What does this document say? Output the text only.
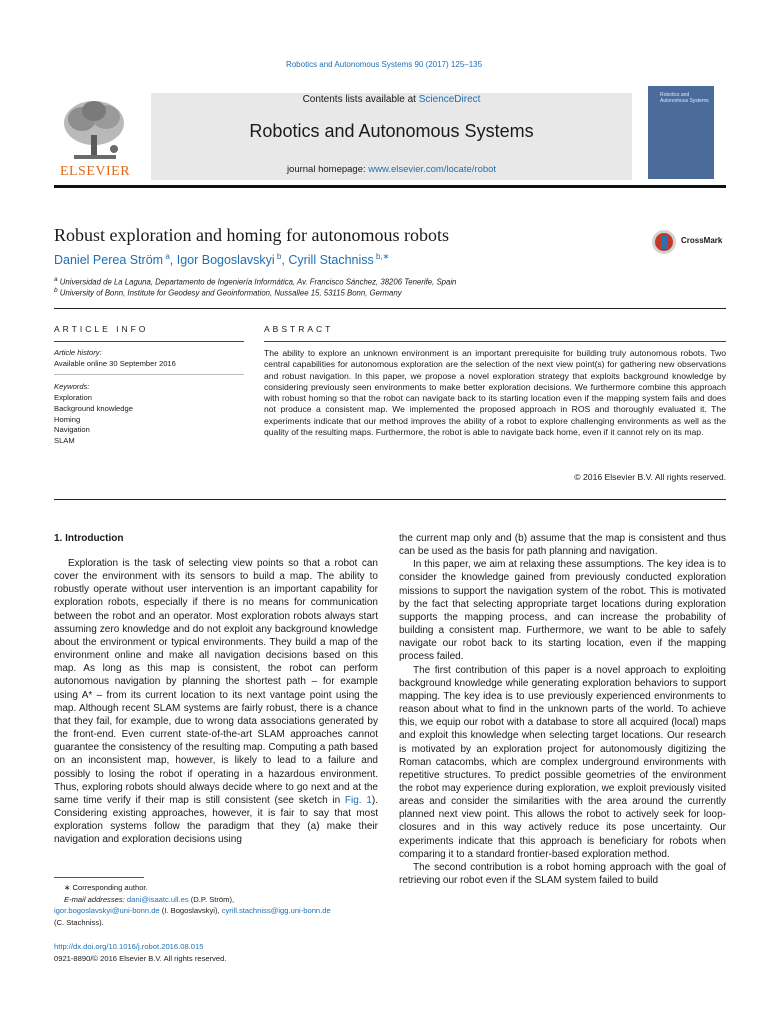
Robotics and Autonomous Systems 90 (2017) 125–135
Contents lists available at ScienceDirect
Robotics and Autonomous Systems
journal homepage: www.elsevier.com/locate/robot
ELSEVIER
Robotics and Autonomous Systems
Robust exploration and homing for autonomous robots
Daniel Perea Ström $^a$, Igor Bogoslavskyi $^b$, Cyrill Stachniss $^{b,∗}$
$^a$ Universidad de La Laguna, Departamento de Ingeniería Informática, Av. Francisco Sánchez, 38206 Tenerife, Spain
$^b$ University of Bonn, Institute for Geodesy and Geoinformation, Nussallee 15, 53115 Bonn, Germany
CrossMark
ARTICLE INFO	ABSTRACT
Article history:
Available online 30 September 2016
Keywords:
Exploration
Background knowledge
Homing
Navigation
SLAM
The ability to explore an unknown environment is an important prerequisite for building truly autonomous robots. Two central capabilities for autonomous exploration are the selection of the next view point(s) for gathering new observations and robust navigation. In this paper, we propose a novel exploration strategy that exploits background knowledge by considering previously seen environments to make better exploration decisions. We furthermore combine this approach with robust homing so that the robot can navigate back to its starting location even if the mapping system fails and does not produce a consistent map. We implemented the proposed approach in ROS and thoroughly evaluated it. The experiments indicate that our method improves the ability of a robot to explore challenging environments as well as the quality of the resulting maps. Furthermore, the robot is able to navigate back home, even if it cannot rely on its map.
© 2016 Elsevier B.V. All rights reserved.
1. Introduction

Exploration is the task of selecting view points so that a robot can cover the environment with its sensors to build a map. The ability to robustly operate without user intervention is an important capability for exploration robots, especially if there is no means for communication between the robot and an operator. Most exploration robots always start assuming zero knowledge and do not exploit any background knowledge about the environment or typical environments. They build a map of the environment online and make all navigation decisions based on this map. As long as this map is consistent, the robot can perform autonomous navigation by planning the shortest path – for example using A* – from its current location to its next vantage point using the map. Although recent SLAM systems are fairly robust, there is a chance that they fail, for example, due to wrong data associations generated by the front-end. Even current state-of-the-art SLAM approaches cannot guarantee the consistency of the resulting map. Computing a path based on an inconsistent map, however, is likely to lead to a failure and possibly to losing the robot if operating in a hazardous environment. Thus, exploring robots should always decide where to go next and at the same time verify if their map is still consistent (see sketch in Fig. 1). Considering existing approaches, however, it is fair to say that most exploration systems follow the paradigm that they (a) make their navigation and exploration decisions using

the current map only and (b) assume that the map is consistent and thus can be used as the basis for path planning and navigation.

In this paper, we aim at relaxing these assumptions. The key idea is to consider the knowledge gained from previously conducted exploration missions to support the navigation system of the robot. This is motivated by the fact that selecting appropriate target locations during exploration supports the mapping process, and can increase the probability of building a consistent map. Furthermore, we want to be able to safely navigate our robot back to its starting location, even if the mapping process failed.

The first contribution of this paper is a novel approach to exploiting background knowledge while generating exploration behaviors to support mapping. The key idea is to use previously experienced environments to reason about what to find in the unknown parts of the world. To achieve this, we equip our robot with a database to store all acquired (local) maps and exploit this knowledge when selecting target locations. Our research is motivated by an exploration project for autonomously digitizing the Roman catacombs, which are complex underground environments with repetitive structures. To predict possible geometries of the environment the robot may experience during exploration, we exploit previously visited areas and consider the similarities with the area around the currently planned next view point. This allows the robot to actively seek for loop-closures and in this way actively reduce its pose uncertainty. Our experiments indicate that this approach is beneficiary for robots when comparing it to a standard frontier-based exploration method.

The second contribution is a robot homing approach with the goal of retrieving our robot even if the SLAM system failed to build

∗ Corresponding author.
E-mail addresses: dani@isaatc.ull.es (D.P. Ström),
igor.bogoslavskyi@uni-bonn.de (I. Bogoslavskyi), cyrill.stachniss@igg.uni-bonn.de
(C. Stachniss).
http://dx.doi.org/10.1016/j.robot.2016.08.015
0921-8890/© 2016 Elsevier B.V. All rights reserved.
